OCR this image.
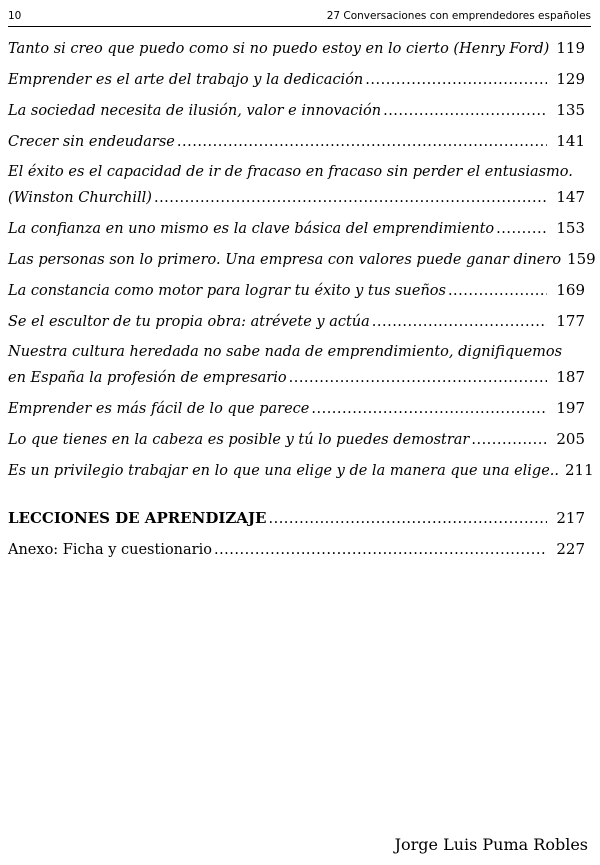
10	27 Conversaciones con emprendedores españoles
Tanto si creo que puedo como si no puedo estoy en lo cierto (Henry Ford) 119
Emprender es el arte del trabajo y la dedicación .....	129
La sociedad necesita de ilusión, valor e innovación .....	135
Crecer sin endeudarse .....	141
El éxito es el capacidad de ir de fracaso en fracaso sin perder el entusiasmo.
(Winston Churchill) .....	147
La confianza en uno mismo es la clave básica del emprendimiento .....	153
Las personas son lo primero. Una empresa con valores puede ganar dinero 159
La constancia como motor para lograr tu éxito y tus sueños .....	169
Se el escultor de tu propia obra: atrévete y actúa .....	177
Nuestra cultura heredada no sabe nada de emprendimiento, dignifiquemos
en España la profesión de empresario .....	187
Emprender es más fácil de lo que parece .....	197
Lo que tienes en la cabeza es posible y tú lo puedes demostrar .....	205
Es un privilegio trabajar en lo que una elige y de la manera que una elige.. 211
LECCIONES DE APRENDIZAJE .....	217
Anexo: Ficha y cuestionario .....	227
Jorge Luis Puma Robles
